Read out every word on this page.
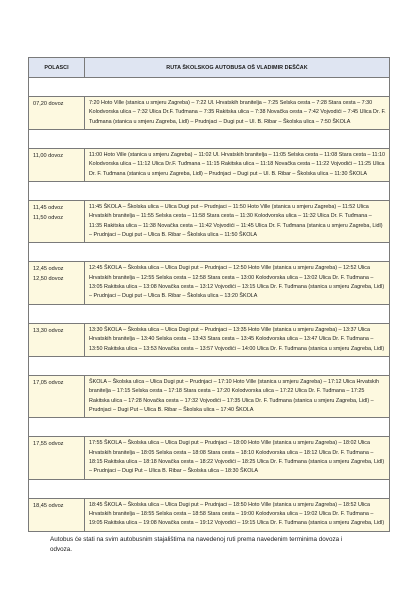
POLASCI	RUTA ŠKOLSKOG AUTOBUSA OŠ VLADIMIR DEŠČAK

07,20 dovoz	7:20 Hoto Ville (stanica u smjeru Zagreba) – 7:22 Ul. Hrvatskih branitelja – 7:25 Selska cesta – 7:28 Stara cesta – 7:30 Kolodvorska ulica – 7:32 Ulica Dr.F. Tuđmana – 7:35 Rakitska ulica – 7:38 Novačka cesta – 7:42 Vojvodići – 7:45 Ulica Dr. F. Tuđmana (stanica u smjeru Zagreba, Lidl) – Prudnjaci – Dugi put – Ul. B. Ribar – Školska ulica – 7:50 ŠKOLA

11,00 dovoz	11:00 Hoto Ville (stanica u smjeru Zagreba) – 11:02 Ul. Hrvatskih branitelja – 11:05 Selska cesta – 11:08 Stara cesta – 11:10 Kolodvorska ulica – 11:12 Ulica Dr.F. Tuđmana – 11:15 Rakitska ulica – 11:18 Novačka cesta – 11:22 Vojvodići – 11:25 Ulica Dr. F. Tuđmana (stanica u smjeru Zagreba, Lidl) – Prudnjaci – Dugi put – Ul. B. Ribar – Školska ulica – 11:30 ŠKOLA

11,45 odvoz
11,50 odvoz	11:45 ŠKOLA – Školska ulica – Ulica Dugi put – Prudnjaci – 11:50 Hoto Ville (stanica u smjeru Zagreba) – 11:52 Ulica Hrvatskih branitelja – 11:55 Selska cesta – 11:58 Stara cesta – 11:30 Kolodvorska ulica – 11:32 Ulica Dr. F. Tuđmana – 11:35 Rakitska ulica – 11:38 Novačka cesta – 11:42 Vojvodići – 11:45 Ulica Dr. F. Tuđmana (stanica u smjeru Zagreba, Lidl) – Prudnjaci – Dugi put – Ulica B. Ribar – Školska ulica – 11:50 ŠKOLA

12,45 odvoz
12,50 dovoz	12:45 ŠKOLA – Školska ulica – Ulica Dugi put – Prudnjaci – 12:50 Hoto Ville (stanica u smjeru Zagreba) – 12:52 Ulica Hrvatskih branitelja – 12:55 Selska cesta – 12:58 Stara cesta – 13:00 Kolodvorska ulica – 13:02 Ulica Dr. F. Tuđmana – 13:05 Rakitska ulica – 13:08 Novačka cesta – 13:12 Vojvodići – 13:15 Ulica Dr. F. Tuđmana (stanica u smjeru Zagreba, Lidl) – Prudnjaci – Dugi put – Ulica B. Ribar – Školska ulica – 13:20 ŠKOLA

13,30 odvoz	13:30 ŠKOLA – Školska ulica – Ulica Dugi put – Prudnjaci – 13:35 Hoto Ville (stanica u smjeru Zagreba) – 13:37 Ulica Hrvatskih branitelja – 13:40 Selska cesta – 13:43 Stara cesta – 13:45 Kolodvorska ulica – 13:47 Ulica Dr. F. Tuđmana – 13:50 Rakitska ulica – 13:53 Novačka cesta – 13:57 Vojvodići – 14:00 Ulica Dr. F. Tuđmana (stanica u smjeru Zagreba, Lidl)

17,05 odvoz	ŠKOLA – Školska ulica – Ulica Dugi put – Prudnjaci – 17:10 Hoto Ville (stanica u smjeru Zagreba) – 17:12 Ulica Hrvatskih branitelja – 17:15 Selska cesta – 17:18 Stara cesta – 17:20 Kolodvorska ulica – 17:22 Ulica Dr. F. Tuđmana – 17:25 Rakitska ulica – 17:28 Novačka cesta – 17:32 Vojvodići – 17:35 Ulica Dr. F. Tuđmana (stanica u smjeru Zagreba, Lidl) – Prudnjaci – Dugi Put – Ulica B. Ribar – Školska ulica – 17:40 ŠKOLA

17,55 odvoz	17:55 ŠKOLA – Školska ulica – Ulica Dugi put – Prudnjaci – 18:00 Hoto Ville (stanica u smjeru Zagreba) – 18:02 Ulica Hrvatskih branitelja – 18:05 Selska cesta – 18:08 Stara cesta – 18:10 Kolodvorska ulica – 18:12 Ulica Dr. F. Tuđmana – 18:15 Rakitska ulica – 18:18 Novačka cesta – 18:22 Vojvodići – 18:25 Ulica Dr. F. Tuđmana (stanica u smjeru Zagreba, Lidl) – Prudnjaci – Dugi Put – Ulica B. Ribar – Školska ulica – 18:30 ŠKOLA

18,45 odvoz	18:45 ŠKOLA – Školska ulica – Ulica Dugi put – Prudnjaci – 18:50 Hoto Ville (stanica u smjeru Zagreba) – 18:52 Ulica Hrvatskih branitelja – 18:55 Selska cesta – 18:58 Stara cesta – 19:00 Kolodvorska ulica – 19:02 Ulica Dr. F. Tuđmana – 19:05 Rakitska ulica – 19:08 Novačka cesta – 19:12 Vojvodići – 19:15 Ulica Dr. F. Tuđmana (stanica u smjeru Zagreba, Lidl)
Autobus će stati na svim autobusnim stajalištima na navedenoj ruti prema navedenim terminima dovoza i odvoza.
